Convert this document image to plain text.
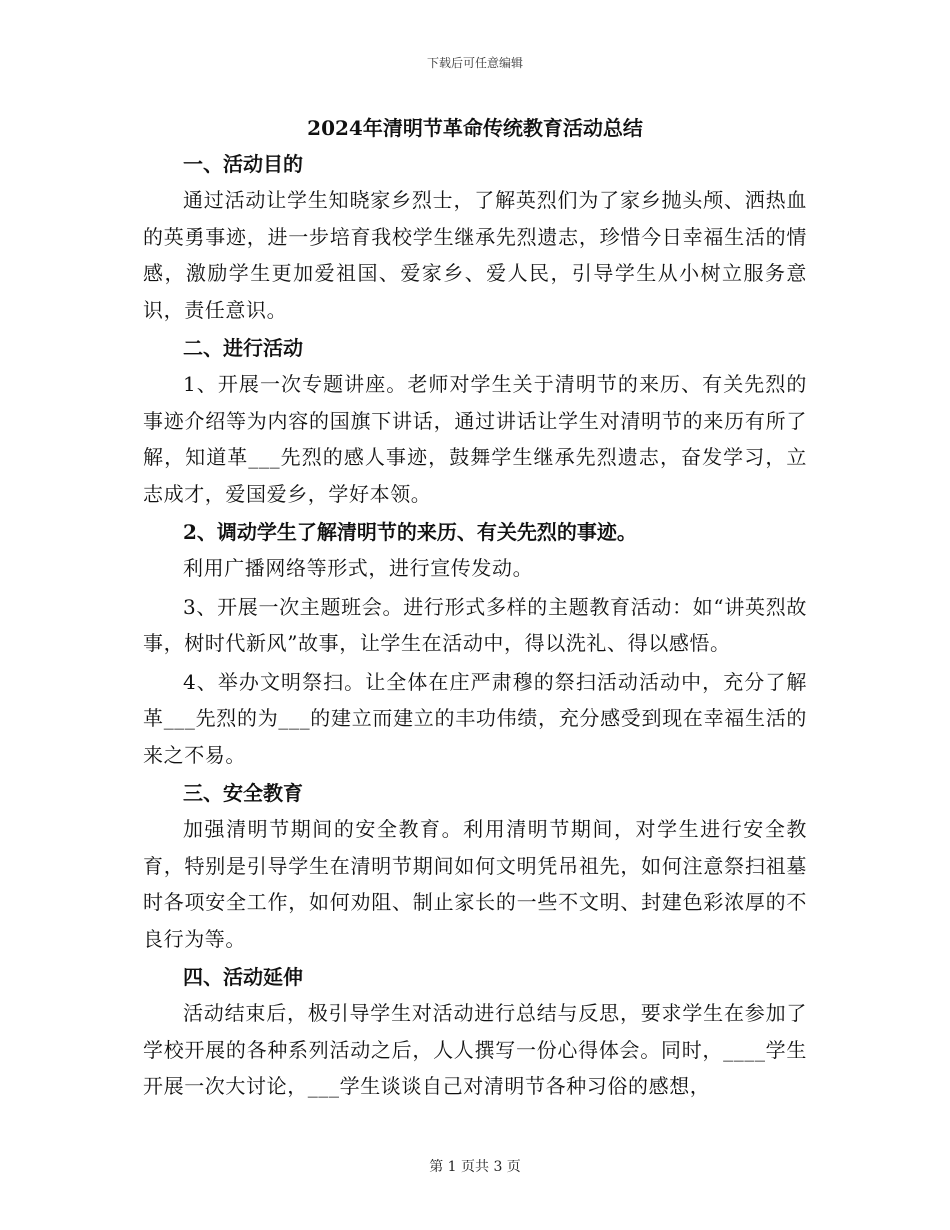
下载后可任意编辑
2024年清明节革命传统教育活动总结

一、活动目的

通过活动让学生知晓家乡烈士，了解英烈们为了家乡抛头颅、洒热血的英勇事迹，进一步培育我校学生继承先烈遗志，珍惜今日幸福生活的情感，激励学生更加爱祖国、爱家乡、爱人民，引导学生从小树立服务意识，责任意识。

二、进行活动

1、开展一次专题讲座。老师对学生关于清明节的来历、有关先烈的事迹介绍等为内容的国旗下讲话，通过讲话让学生对清明节的来历有所了解，知道革___先烈的感人事迹，鼓舞学生继承先烈遗志，奋发学习，立志成才，爱国爱乡，学好本领。

2、调动学生了解清明节的来历、有关先烈的事迹。

利用广播网络等形式，进行宣传发动。

3、开展一次主题班会。进行形式多样的主题教育活动：如“讲英烈故事，树时代新风”故事，让学生在活动中，得以洗礼、得以感悟。

4、举办文明祭扫。让全体在庄严肃穆的祭扫活动活动中，充分了解革___先烈的为___的建立而建立的丰功伟绩，充分感受到现在幸福生活的来之不易。

三、安全教育

加强清明节期间的安全教育。利用清明节期间，对学生进行安全教育，特别是引导学生在清明节期间如何文明凭吊祖先，如何注意祭扫祖墓时各项安全工作，如何劝阻、制止家长的一些不文明、封建色彩浓厚的不良行为等。

四、活动延伸

活动结束后，极引导学生对活动进行总结与反思，要求学生在参加了学校开展的各种系列活动之后，人人撰写一份心得体会。同时，____学生开展一次大讨论，___学生谈谈自己对清明节各种习俗的感想，

第 1 页共 3 页
